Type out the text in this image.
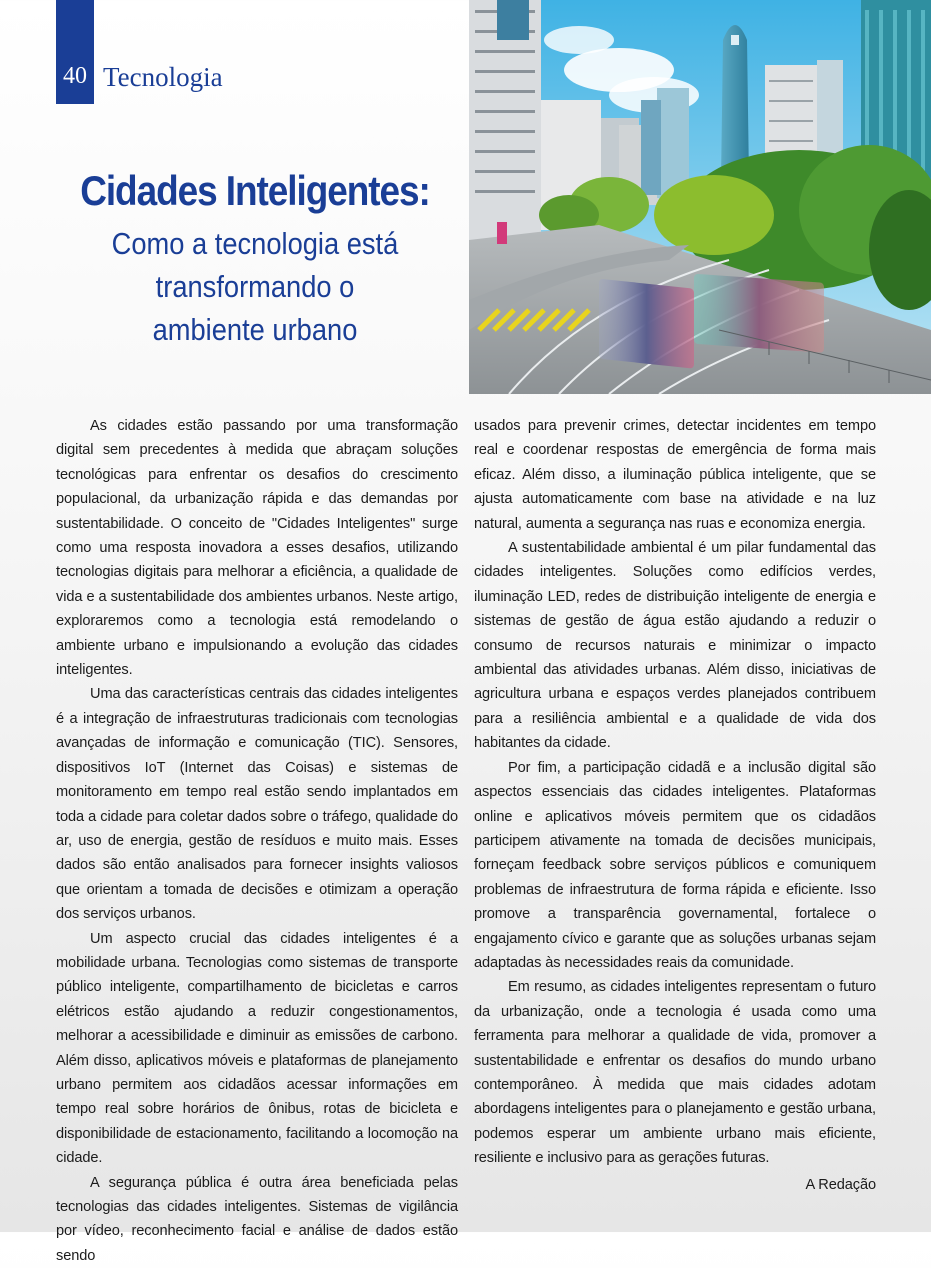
40 Tecnologia
Cidades Inteligentes:
Como a tecnologia está
transformando o
ambiente urbano

As cidades estão passando por uma transformação digital sem precedentes à medida que abraçam soluções tecnológicas para enfrentar os desafios do crescimento populacional, da urbanização rápida e das demandas por sustentabilidade. O conceito de "Cidades Inteligentes" surge como uma resposta inovadora a esses desafios, utilizando tecnologias digitais para melhorar a eficiência, a qualidade de vida e a sustentabilidade dos ambientes urbanos. Neste artigo, exploraremos como a tecnologia está remodelando o ambiente urbano e impulsionando a evolução das cidades inteligentes.

Uma das características centrais das cidades inteligentes é a integração de infraestruturas tradicionais com tecnologias avançadas de informação e comunicação (TIC). Sensores, dispositivos IoT (Internet das Coisas) e sistemas de monitoramento em tempo real estão sendo implantados em toda a cidade para coletar dados sobre o tráfego, qualidade do ar, uso de energia, gestão de resíduos e muito mais. Esses dados são então analisados para fornecer insights valiosos que orientam a tomada de decisões e otimizam a operação dos serviços urbanos.

Um aspecto crucial das cidades inteligentes é a mobilidade urbana. Tecnologias como sistemas de transporte público inteligente, compartilhamento de bicicletas e carros elétricos estão ajudando a reduzir congestionamentos, melhorar a acessibilidade e diminuir as emissões de carbono. Além disso, aplicativos móveis e plataformas de planejamento urbano permitem aos cidadãos acessar informações em tempo real sobre horários de ônibus, rotas de bicicleta e disponibilidade de estacionamento, facilitando a locomoção na cidade.

A segurança pública é outra área beneficiada pelas tecnologias das cidades inteligentes. Sistemas de vigilância por vídeo, reconhecimento facial e análise de dados estão sendo

usados para prevenir crimes, detectar incidentes em tempo real e coordenar respostas de emergência de forma mais eficaz. Além disso, a iluminação pública inteligente, que se ajusta automaticamente com base na atividade e na luz natural, aumenta a segurança nas ruas e economiza energia.

A sustentabilidade ambiental é um pilar fundamental das cidades inteligentes. Soluções como edifícios verdes, iluminação LED, redes de distribuição inteligente de energia e sistemas de gestão de água estão ajudando a reduzir o consumo de recursos naturais e minimizar o impacto ambiental das atividades urbanas. Além disso, iniciativas de agricultura urbana e espaços verdes planejados contribuem para a resiliência ambiental e a qualidade de vida dos habitantes da cidade.

Por fim, a participação cidadã e a inclusão digital são aspectos essenciais das cidades inteligentes. Plataformas online e aplicativos móveis permitem que os cidadãos participem ativamente na tomada de decisões municipais, forneçam feedback sobre serviços públicos e comuniquem problemas de infraestrutura de forma rápida e eficiente. Isso promove a transparência governamental, fortalece o engajamento cívico e garante que as soluções urbanas sejam adaptadas às necessidades reais da comunidade.

Em resumo, as cidades inteligentes representam o futuro da urbanização, onde a tecnologia é usada como uma ferramenta para melhorar a qualidade de vida, promover a sustentabilidade e enfrentar os desafios do mundo urbano contemporâneo. À medida que mais cidades adotam abordagens inteligentes para o planejamento e gestão urbana, podemos esperar um ambiente urbano mais eficiente, resiliente e inclusivo para as gerações futuras.

A Redação
